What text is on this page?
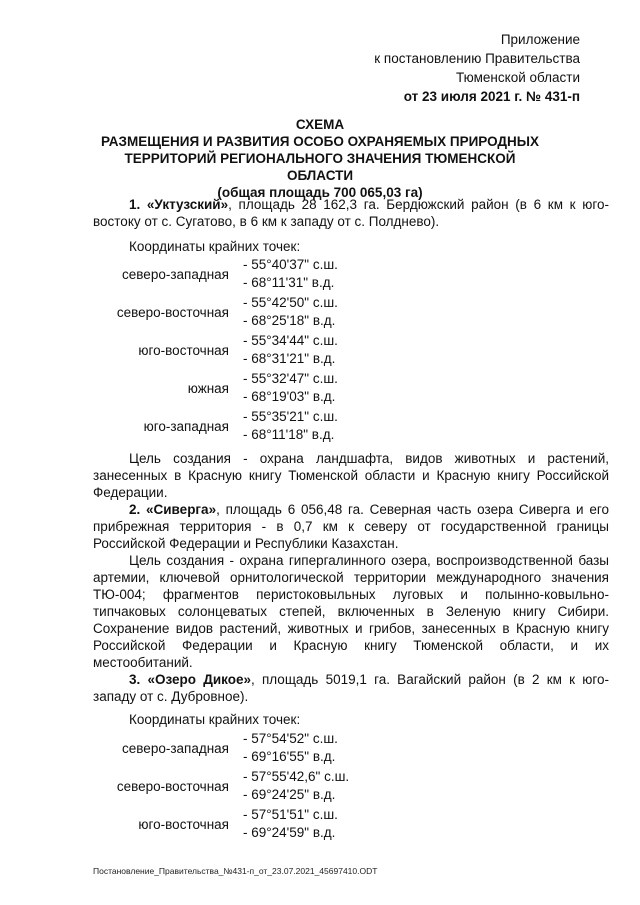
Приложение
к постановлению Правительства
Тюменской области
от 23 июля 2021 г. № 431-п
СХЕМА
РАЗМЕЩЕНИЯ И РАЗВИТИЯ ОСОБО ОХРАНЯЕМЫХ ПРИРОДНЫХ
ТЕРРИТОРИЙ РЕГИОНАЛЬНОГО ЗНАЧЕНИЯ ТЮМЕНСКОЙ ОБЛАСТИ
(общая площадь 700 065,03 га)
1. «Уктузский», площадь 28 162,3 га. Бердюжский район (в 6 км к юго-востоку от с. Сугатово, в 6 км к западу от с. Полднево).
Координаты крайних точек:
северо-западная
- 55°40'37" с.ш.
- 68°11'31" в.д.
северо-восточная
- 55°42'50" с.ш.
- 68°25'18" в.д.
юго-восточная
- 55°34'44" с.ш.
- 68°31'21" в.д.
южная
- 55°32'47" с.ш.
- 68°19'03" в.д.
юго-западная
- 55°35'21" с.ш.
- 68°11'18" в.д.
Цель создания - охрана ландшафта, видов животных и растений, занесенных в Красную книгу Тюменской области и Красную книгу Российской Федерации.
2. «Сиверга», площадь 6 056,48 га. Северная часть озера Сиверга и его прибрежная территория - в 0,7 км к северу от государственной границы Российской Федерации и Республики Казахстан.
Цель создания - охрана гипергалинного озера, воспроизводственной базы артемии, ключевой орнитологической территории международного значения ТЮ-004; фрагментов перистоковыльных луговых и полынно-ковыльно-типчаковых солонцеватых степей, включенных в Зеленую книгу Сибири. Сохранение видов растений, животных и грибов, занесенных в Красную книгу Российской Федерации и Красную книгу Тюменской области, и их местообитаний.
3. «Озеро Дикое», площадь 5019,1 га. Вагайский район (в 2 км к юго-западу от с. Дубровное).
Координаты крайних точек:
северо-западная
- 57°54'52" с.ш.
- 69°16'55" в.д.
северо-восточная
- 57°55'42,6" с.ш.
- 69°24'25" в.д.
юго-восточная
- 57°51'51" с.ш.
- 69°24'59" в.д.
Постановление_Правительства_№431-п_от_23.07.2021_45697410.ODT
